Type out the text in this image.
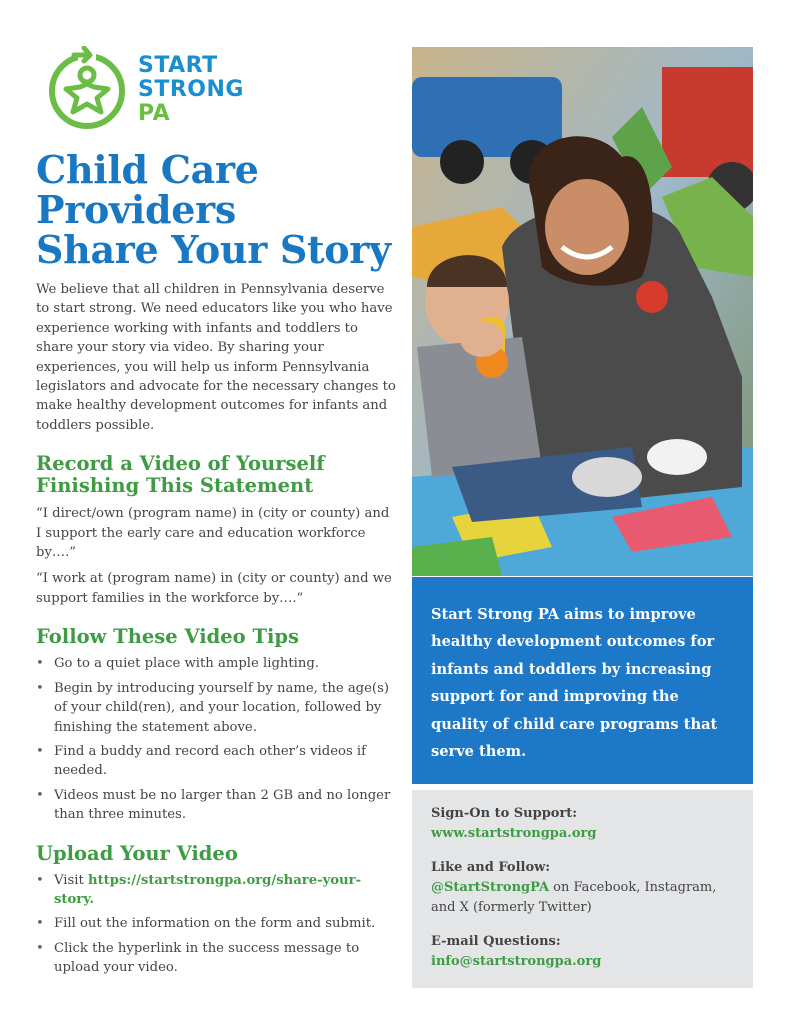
START
STRONG
PA
Child Care
Providers
Share Your Story

We believe that all children in Pennsylvania deserve to start strong. We need educators like you who have experience working with infants and toddlers to share your story via video. By sharing your experiences, you will help us inform Pennsylvania legislators and advocate for the necessary changes to make healthy development outcomes for infants and toddlers possible.

Record a Video of Yourself
Finishing This Statement

“I direct/own (program name) in (city or county) and I support the early care and education workforce by….”

“I work at (program name) in (city or county) and we support families in the workforce by….”

Follow These Video Tips
• Go to a quiet place with ample lighting.
• Begin by introducing yourself by name, the age(s) of your child(ren), and your location, followed by finishing the statement above.
• Find a buddy and record each other’s videos if needed.
• Videos must be no larger than 2 GB and no longer than three minutes.
Upload Your Video
• Visit https://startstrongpa.org/share-your-story.
• Fill out the information on the form and submit.
• Click the hyperlink in the success message to upload your video.

Start Strong PA aims to improve healthy development outcomes for infants and toddlers by increasing support for and improving the quality of child care programs that serve them.

Sign-On to Support:
www.startstrongpa.org
Like and Follow:
@StartStrongPA on Facebook, Instagram, and X (formerly Twitter)
E-mail Questions:
info@startstrongpa.org
